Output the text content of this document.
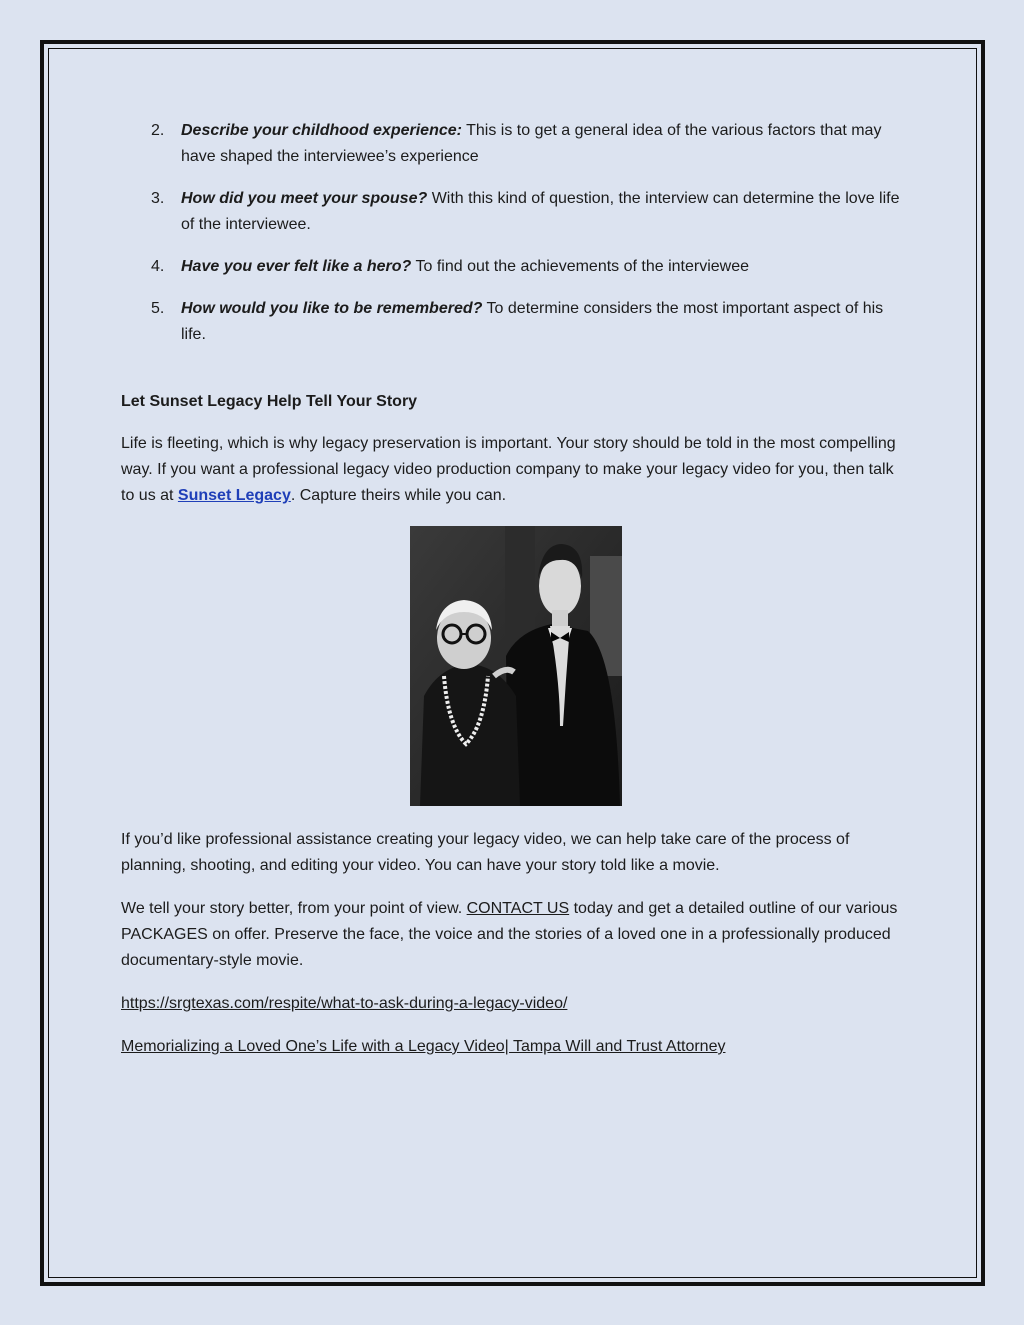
2. Describe your childhood experience: This is to get a general idea of the various factors that may have shaped the interviewee’s experience
3. How did you meet your spouse? With this kind of question, the interview can determine the love life of the interviewee.
4. Have you ever felt like a hero? To find out the achievements of the interviewee
5. How would you like to be remembered? To determine considers the most important aspect of his life.
Let Sunset Legacy Help Tell Your Story

Life is fleeting, which is why legacy preservation is important. Your story should be told in the most compelling way. If you want a professional legacy video production company to make your legacy video for you, then talk to us at Sunset Legacy. Capture theirs while you can.

If you’d like professional assistance creating your legacy video, we can help take care of the process of planning, shooting, and editing your video. You can have your story told like a movie.

We tell your story better, from your point of view. CONTACT US today and get a detailed outline of our various PACKAGES on offer. Preserve the face, the voice and the stories of a loved one in a professionally produced documentary-style movie.

https://srgtexas.com/respite/what-to-ask-during-a-legacy-video/

Memorializing a Loved One’s Life with a Legacy Video| Tampa Will and Trust Attorney
